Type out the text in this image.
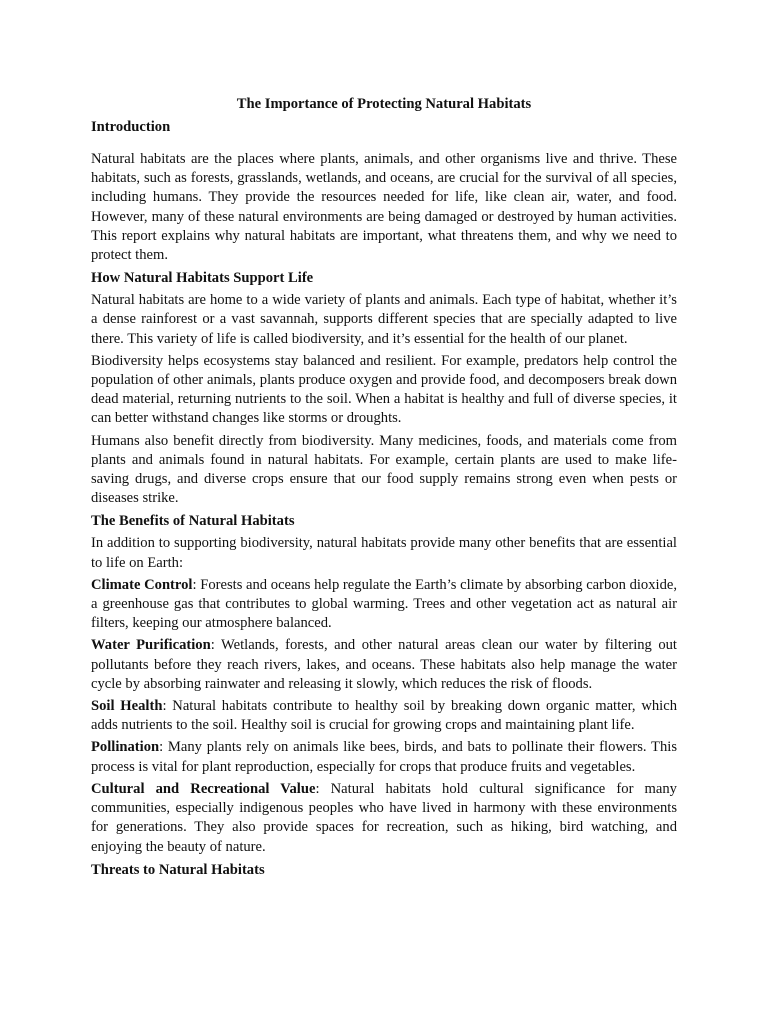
The Importance of Protecting Natural Habitats
Introduction

Natural habitats are the places where plants, animals, and other organisms live and thrive. These habitats, such as forests, grasslands, wetlands, and oceans, are crucial for the survival of all species, including humans. They provide the resources needed for life, like clean air, water, and food. However, many of these natural environments are being damaged or destroyed by human activities. This report explains why natural habitats are important, what threatens them, and why we need to protect them.

How Natural Habitats Support Life

Natural habitats are home to a wide variety of plants and animals. Each type of habitat, whether it’s a dense rainforest or a vast savannah, supports different species that are specially adapted to live there. This variety of life is called biodiversity, and it’s essential for the health of our planet.

Biodiversity helps ecosystems stay balanced and resilient. For example, predators help control the population of other animals, plants produce oxygen and provide food, and decomposers break down dead material, returning nutrients to the soil. When a habitat is healthy and full of diverse species, it can better withstand changes like storms or droughts.

Humans also benefit directly from biodiversity. Many medicines, foods, and materials come from plants and animals found in natural habitats. For example, certain plants are used to make life-saving drugs, and diverse crops ensure that our food supply remains strong even when pests or diseases strike.

The Benefits of Natural Habitats

In addition to supporting biodiversity, natural habitats provide many other benefits that are essential to life on Earth:

Climate Control: Forests and oceans help regulate the Earth’s climate by absorbing carbon dioxide, a greenhouse gas that contributes to global warming. Trees and other vegetation act as natural air filters, keeping our atmosphere balanced.

Water Purification: Wetlands, forests, and other natural areas clean our water by filtering out pollutants before they reach rivers, lakes, and oceans. These habitats also help manage the water cycle by absorbing rainwater and releasing it slowly, which reduces the risk of floods.

Soil Health: Natural habitats contribute to healthy soil by breaking down organic matter, which adds nutrients to the soil. Healthy soil is crucial for growing crops and maintaining plant life.

Pollination: Many plants rely on animals like bees, birds, and bats to pollinate their flowers. This process is vital for plant reproduction, especially for crops that produce fruits and vegetables.

Cultural and Recreational Value: Natural habitats hold cultural significance for many communities, especially indigenous peoples who have lived in harmony with these environments for generations. They also provide spaces for recreation, such as hiking, bird watching, and enjoying the beauty of nature.

Threats to Natural Habitats
